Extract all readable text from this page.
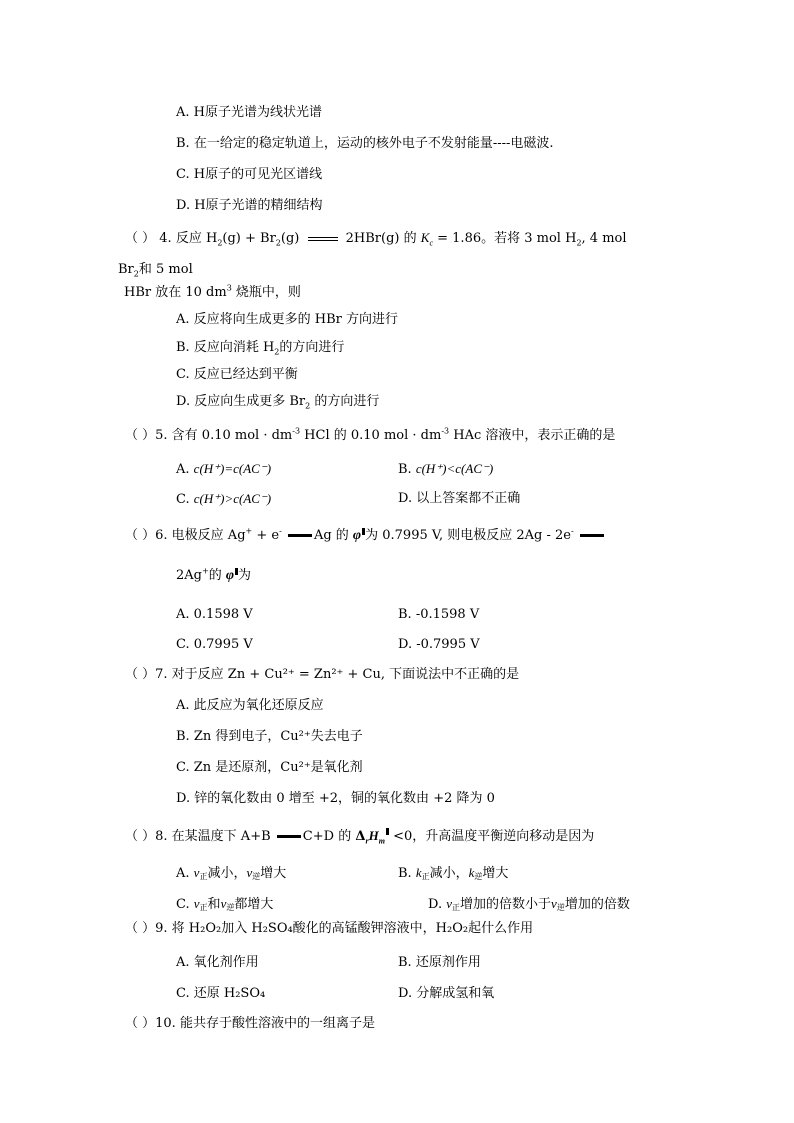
A. H原子光谱为线状光谱
B. 在一给定的稳定轨道上，运动的核外电子不发射能量----电磁波.
C. H原子的可见光区谱线
D. H原子光谱的精细结构
（ ） 4. 反应 $H_2(g) + Br_2(g)$	2HBr(g) 的 $K_c = 1.86$。若将 3 mol $H_2$, 4 mol
$Br_2$和 5 mol
HBr 放在 10 $dm^3$ 烧瓶中，则
A. 反应将向生成更多的 HBr 方向进行
B. 反应向消耗 $H_2$的方向进行
C. 反应已经达到平衡
D. 反应向生成更多 $Br_2$ 的方向进行
（ ）5. 含有 0.10 mol · $dm^{-3}$ HCl 的 0.10 mol · $dm^{-3}$ HAc 溶液中，表示正确的是
A. c(H⁺)=c(AC⁻)	B. c(H⁺)<c(AC⁻)
C. c(H⁺)>c(AC⁻)	D. 以上答案都不正确
（ ）6. 电极反应 Ag+ + e- Ag 的 φ 为 0.7995 V, 则电极反应 2Ag - 2e-
2Ag+的 φ 为
A. 0.1598 V	B. -0.1598 V
C. 0.7995 V	D. -0.7995 V
（ ）7. 对于反应 Zn + Cu²⁺ = Zn²⁺ + Cu, 下面说法中不正确的是
A. 此反应为氧化还原反应
B. Zn 得到电子，Cu²⁺失去电子
C. Zn 是还原剂，Cu²⁺是氧化剂
D. 锌的氧化数由 0 增至 +2，铜的氧化数由 +2 降为 0
（ ）8. 在某温度下 A+B C+D 的 $\Delta_rH_m <0$，升高温度平衡逆向移动是因为
A. v正减小，v逆增大	B. k正减小，k逆增大
C. v正和v逆都增大	D. v正增加的倍数小于v逆增加的倍数
（ ）9. 将 H₂O₂加入 H₂SO₄酸化的高锰酸钾溶液中，H₂O₂起什么作用
A. 氧化剂作用	B. 还原剂作用
C. 还原 H₂SO₄	D. 分解成氢和氧
（ ）10. 能共存于酸性溶液中的一组离子是
